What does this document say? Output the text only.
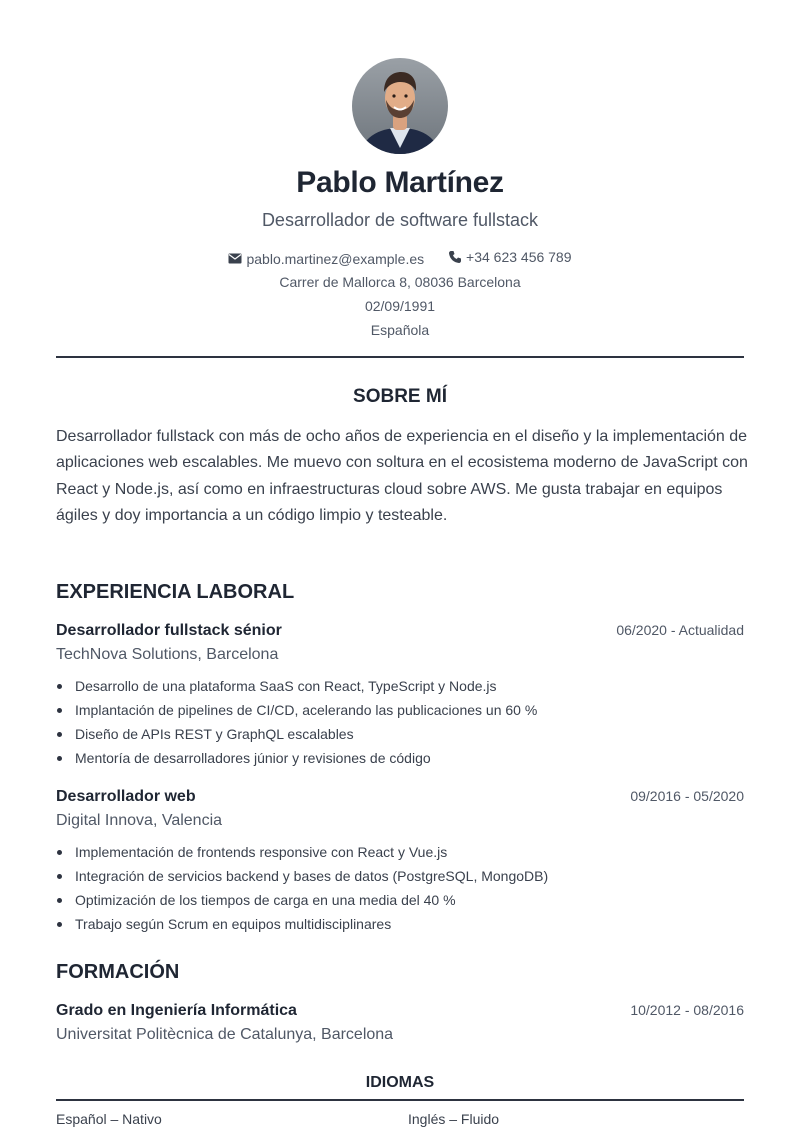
Pablo Martínez
Desarrollador de software fullstack
pablo.martinez@example.es
	+34 623 456 789
Carrer de Mallorca 8, 08036 Barcelona
02/09/1991
Española
SOBRE MÍ
Desarrollador fullstack con más de ocho años de experiencia en el diseño y la implementación de aplicaciones web escalables. Me muevo con soltura en el ecosistema moderno de JavaScript con React y Node.js, así como en infraestructuras cloud sobre AWS. Me gusta trabajar en equipos ágiles y doy importancia a un código limpio y testeable.
EXPERIENCIA LABORAL
Desarrollador fullstack sénior	06/2020 - Actualidad
TechNova Solutions, Barcelona
Desarrollo de una plataforma SaaS con React, TypeScript y Node.js
Implantación de pipelines de CI/CD, acelerando las publicaciones un 60 %
Diseño de APIs REST y GraphQL escalables
Mentoría de desarrolladores júnior y revisiones de código
Desarrollador web	09/2016 - 05/2020
Digital Innova, Valencia
Implementación de frontends responsive con React y Vue.js
Integración de servicios backend y bases de datos (PostgreSQL, MongoDB)
Optimización de los tiempos de carga en una media del 40 %
Trabajo según Scrum en equipos multidisciplinares
FORMACIÓN
Grado en Ingeniería Informática	10/2012 - 08/2016
Universitat Politècnica de Catalunya, Barcelona
IDIOMAS
Español – Nativo	Inglés – Fluido
